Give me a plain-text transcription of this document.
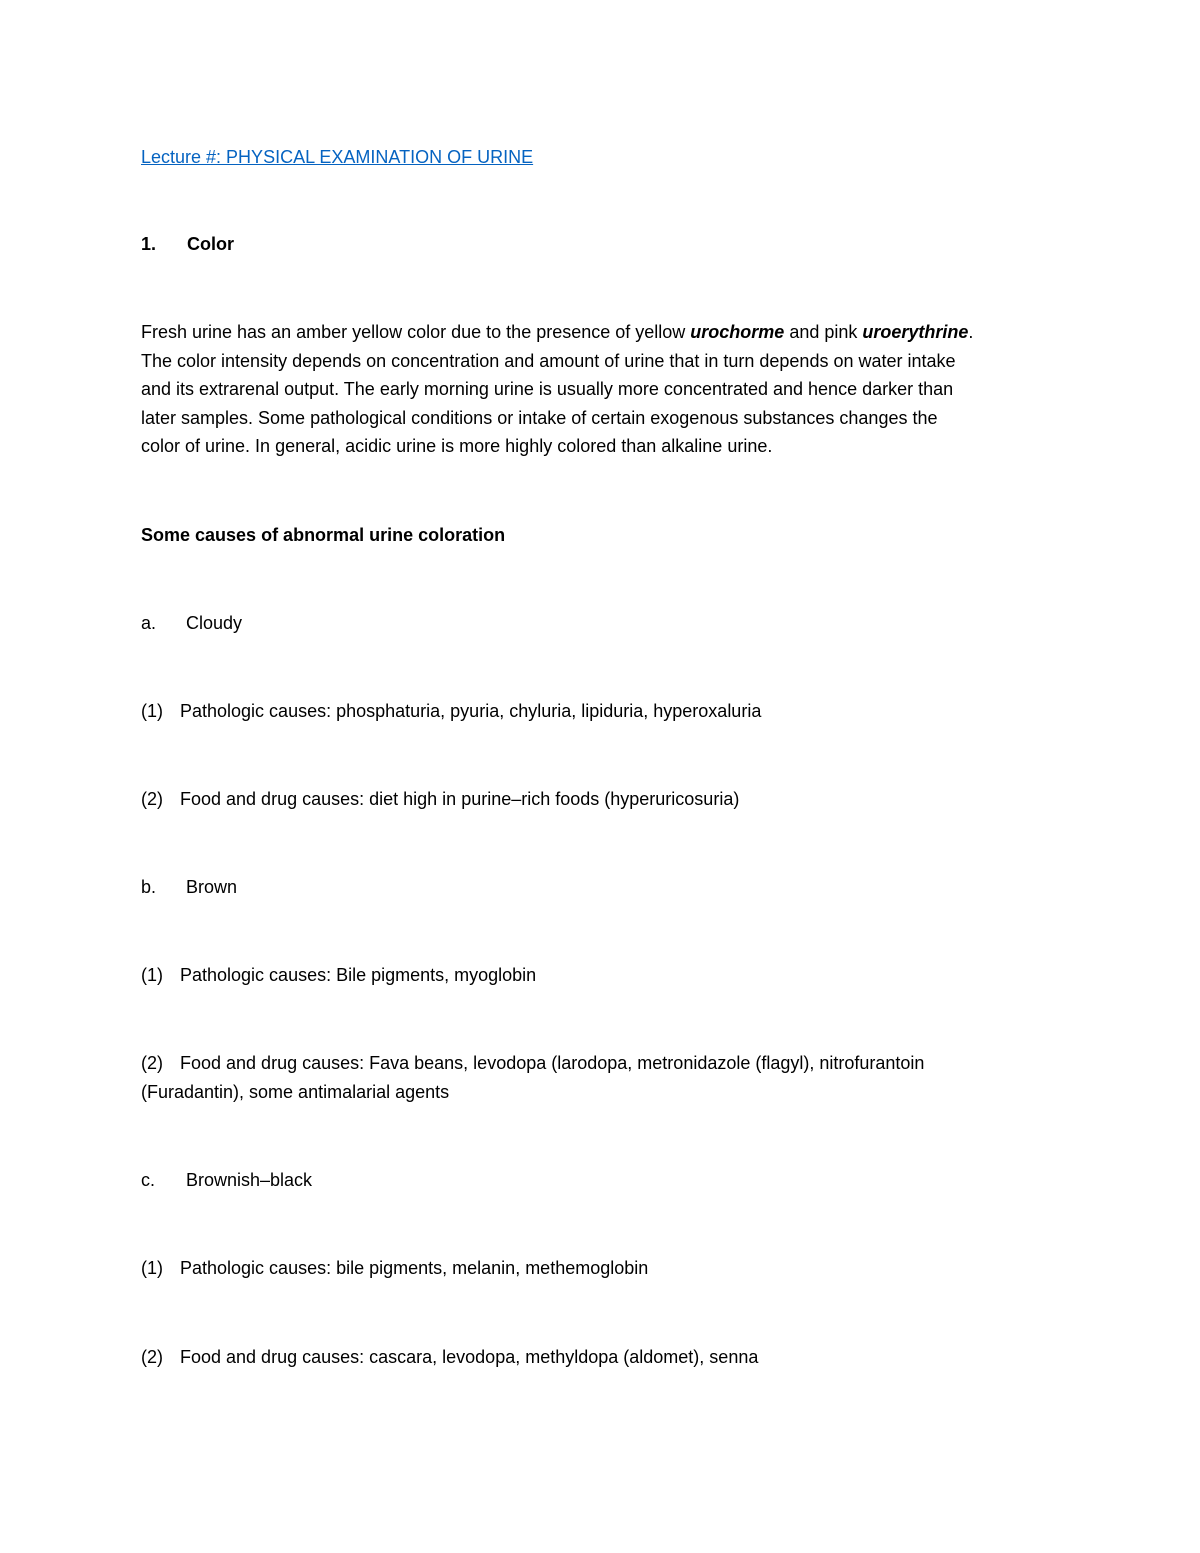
Lecture #: PHYSICAL EXAMINATION OF URINE
1. Color
Fresh urine has an amber yellow color due to the presence of yellow urochorme and pink uroerythrine.
The color intensity depends on concentration and amount of urine that in turn depends on water intake
and its extrarenal output. The early morning urine is usually more concentrated and hence darker than
later samples. Some pathological conditions or intake of certain exogenous substances changes the
color of urine. In general, acidic urine is more highly colored than alkaline urine.
Some causes of abnormal urine coloration
a. Cloudy
(1) Pathologic causes: phosphaturia, pyuria, chyluria, lipiduria, hyperoxaluria
(2) Food and drug causes: diet high in purine–rich foods (hyperuricosuria)
b. Brown
(1) Pathologic causes: Bile pigments, myoglobin
(2) Food and drug causes: Fava beans, levodopa (larodopa, metronidazole (flagyl), nitrofurantoin
(Furadantin), some antimalarial agents
c. Brownish–black
(1) Pathologic causes: bile pigments, melanin, methemoglobin
(2) Food and drug causes: cascara, levodopa, methyldopa (aldomet), senna
